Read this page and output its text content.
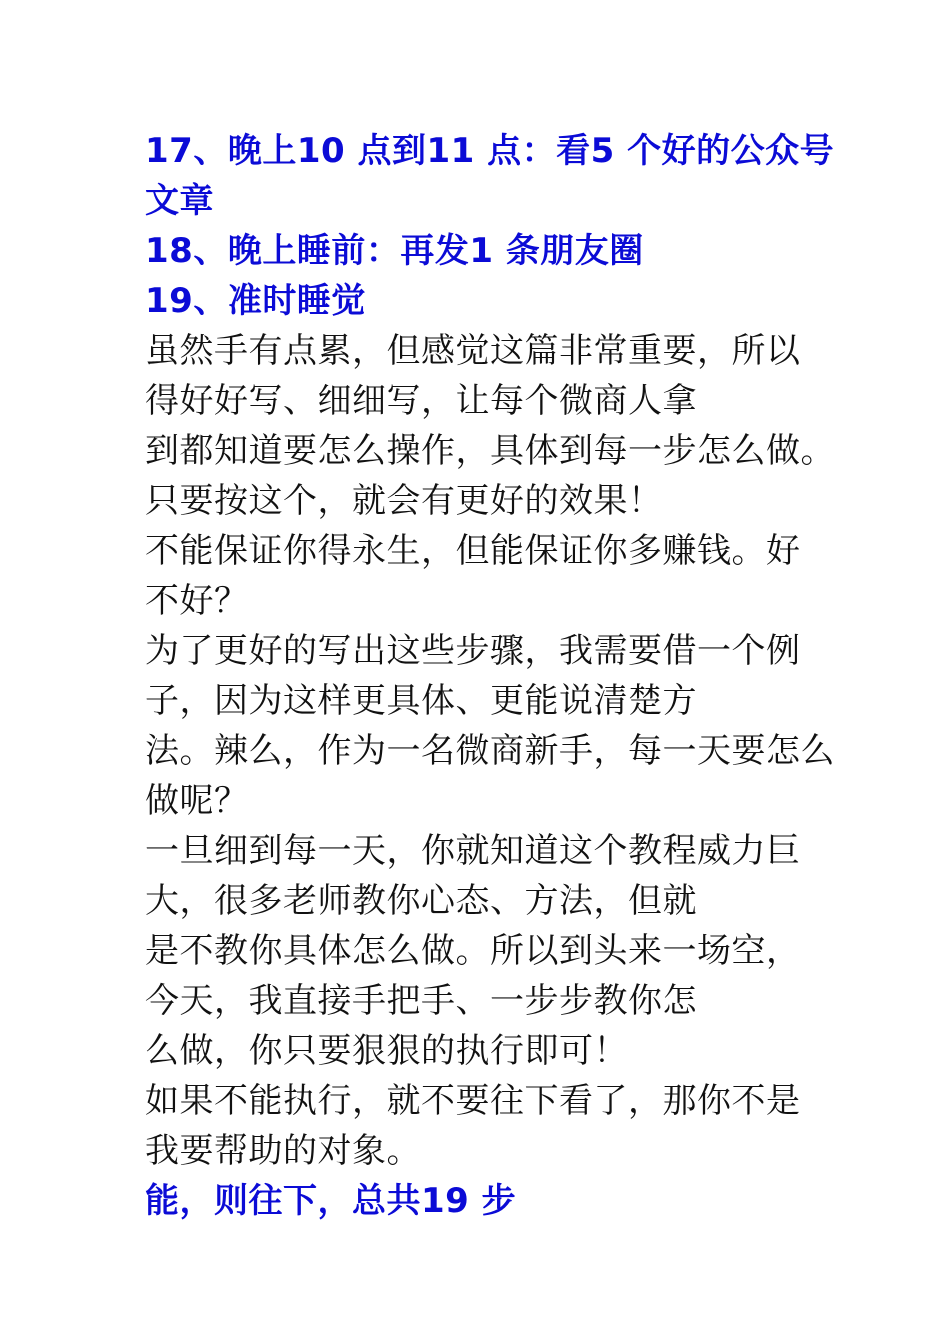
17、晚上10 点到11 点：看5 个好的公众号
文章
18、晚上睡前：再发1 条朋友圈
19、准时睡觉
虽然手有点累，但感觉这篇非常重要，所以
得好好写、细细写，让每个微商人拿
到都知道要怎么操作，具体到每一步怎么做。
只要按这个，就会有更好的效果！
不能保证你得永生，但能保证你多赚钱。好
不好？
为了更好的写出这些步骤，我需要借一个例
子，因为这样更具体、更能说清楚方
法。辣么，作为一名微商新手，每一天要怎么
做呢？
一旦细到每一天，你就知道这个教程威力巨
大，很多老师教你心态、方法，但就
是不教你具体怎么做。所以到头来一场空，
今天，我直接手把手、一步步教你怎
么做，你只要狠狠的执行即可！
如果不能执行，就不要往下看了，那你不是
我要帮助的对象。
能，则往下，总共19 步
